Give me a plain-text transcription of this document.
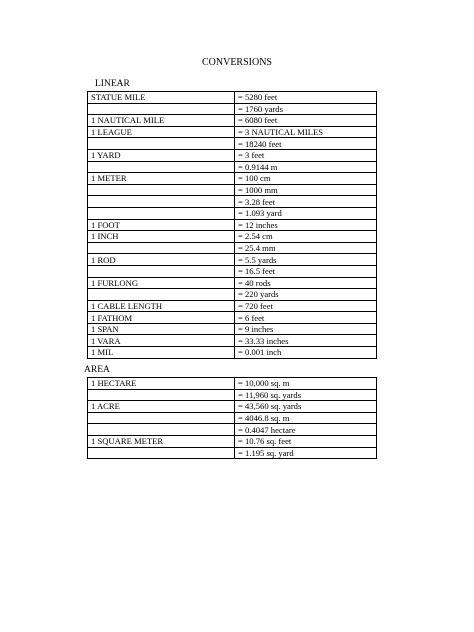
CONVERSIONS
LINEAR
STATUE MILE	= 5280 feet
	= 1760 yards
1 NAUTICAL MILE	= 6080 feet
1 LEAGUE	= 3 NAUTICAL MILES
	= 18240 feet
1 YARD	= 3 feet
	= 0.9144 m
1 METER	= 100 cm
	= 1000 mm
	= 3.28 feet
	= 1.093 yard
1 FOOT	= 12 inches
1 INCH	= 2.54 cm
	= 25.4 mm
1 ROD	= 5.5 yards
	= 16.5 feet
1 FURLONG	= 40 rods
	= 220 yards
1 CABLE LENGTH	= 720 feet
1 FATHOM	= 6 feet
1 SPAN	= 9 inches
1 VARA	= 33.33 inches
1 MIL	= 0.001 inch
AREA
1 HECTARE	= 10,000 sq. m
	= 11,960 sq. yards
1 ACRE	= 43,560 sq. yards
	= 4046.8 sq. m
	= 0.4047 hectare
1 SQUARE METER	= 10.76 sq. feet
	= 1.195 sq. yard
